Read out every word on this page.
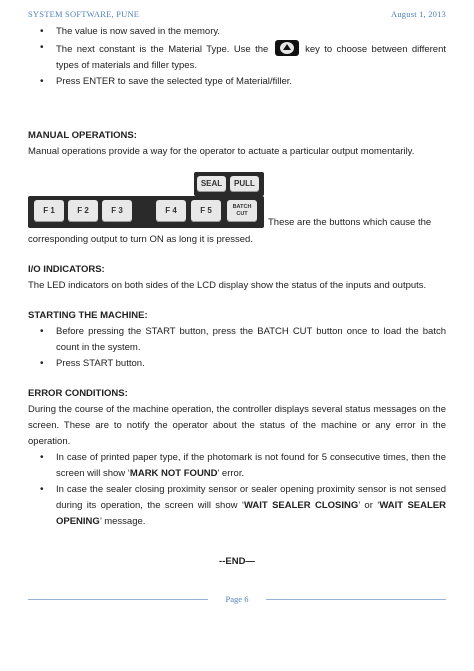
SYSTEM SOFTWARE, PUNE	August 1, 2013
• The value is now saved in the memory.
• The next constant is the Material Type. Use the	key to choose between different types of materials and filler types.
• Press ENTER to save the selected type of Material/filler.
MANUAL OPERATIONS:

Manual operations provide a way for the operator to actuate a particular output momentarily.

SEAL	PULL
F 1	F 2	F 3	F 4	F 5	BATCH
CUT
These are the buttons which cause the

corresponding output to turn ON as long it is pressed.

I/O INDICATORS:

The LED indicators on both sides of the LCD display show the status of the inputs and outputs.

STARTING THE MACHINE:
• Before pressing the START button, press the BATCH CUT button once to load the batch count in the system.
• Press START button.
ERROR CONDITIONS:

During the course of the machine operation, the controller displays several status messages on the screen. These are to notify the operator about the status of the machine or any error in the operation.

• In case of printed paper type, if the photomark is not found for 5 consecutive times, then the screen will show ‘MARK NOT FOUND’ error.
• In case the sealer closing proximity sensor or sealer opening proximity sensor is not sensed during its operation, the screen will show ‘WAIT SEALER CLOSING’ or ‘WAIT SEALER OPENING’ message.
--END—
Page 6
